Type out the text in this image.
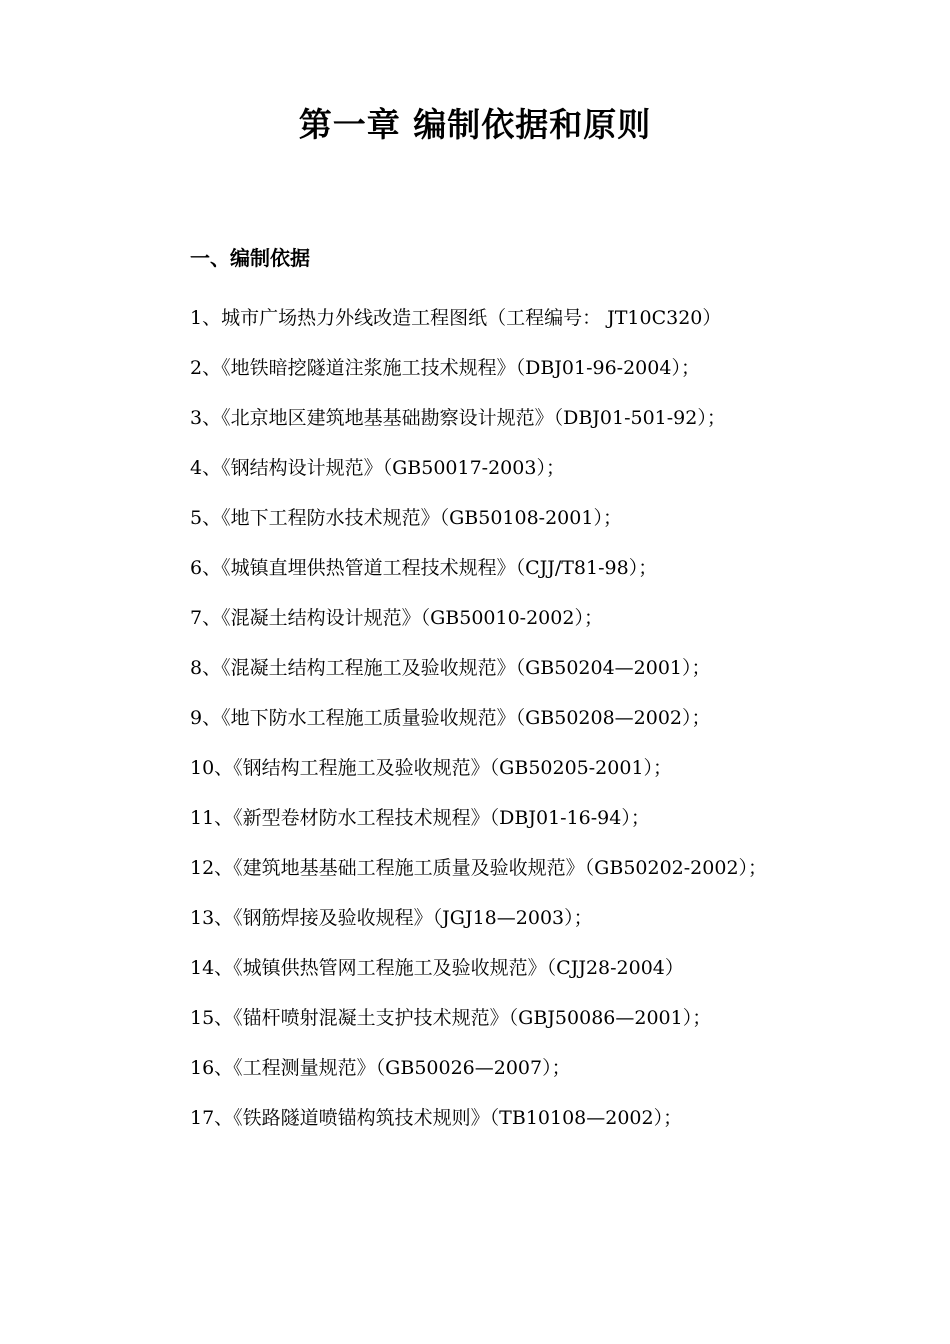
第一章 编制依据和原则
一、编制依据
1、城市广场热力外线改造工程图纸（工程编号： JT10C320）
2、《地铁暗挖隧道注浆施工技术规程》（DBJ01-96-2004）；
3、《北京地区建筑地基基础勘察设计规范》（DBJ01-501-92）；
4、《钢结构设计规范》（GB50017-2003）；
5、《地下工程防水技术规范》（GB50108-2001）；
6、《城镇直埋供热管道工程技术规程》（CJJ/T81-98）；
7、《混凝土结构设计规范》（GB50010-2002）；
8、《混凝土结构工程施工及验收规范》（GB50204—2001）；
9、《地下防水工程施工质量验收规范》（GB50208—2002）；
10、《钢结构工程施工及验收规范》（GB50205-2001）；
11、《新型卷材防水工程技术规程》（DBJ01-16-94）；
12、《建筑地基基础工程施工质量及验收规范》（GB50202-2002）；
13、《钢筋焊接及验收规程》（JGJ18—2003）；
14、《城镇供热管网工程施工及验收规范》（CJJ28-2004）
15、《锚杆喷射混凝土支护技术规范》（GBJ50086—2001）；
16、《工程测量规范》（GB50026—2007）；
17、《铁路隧道喷锚构筑技术规则》（TB10108—2002）；
